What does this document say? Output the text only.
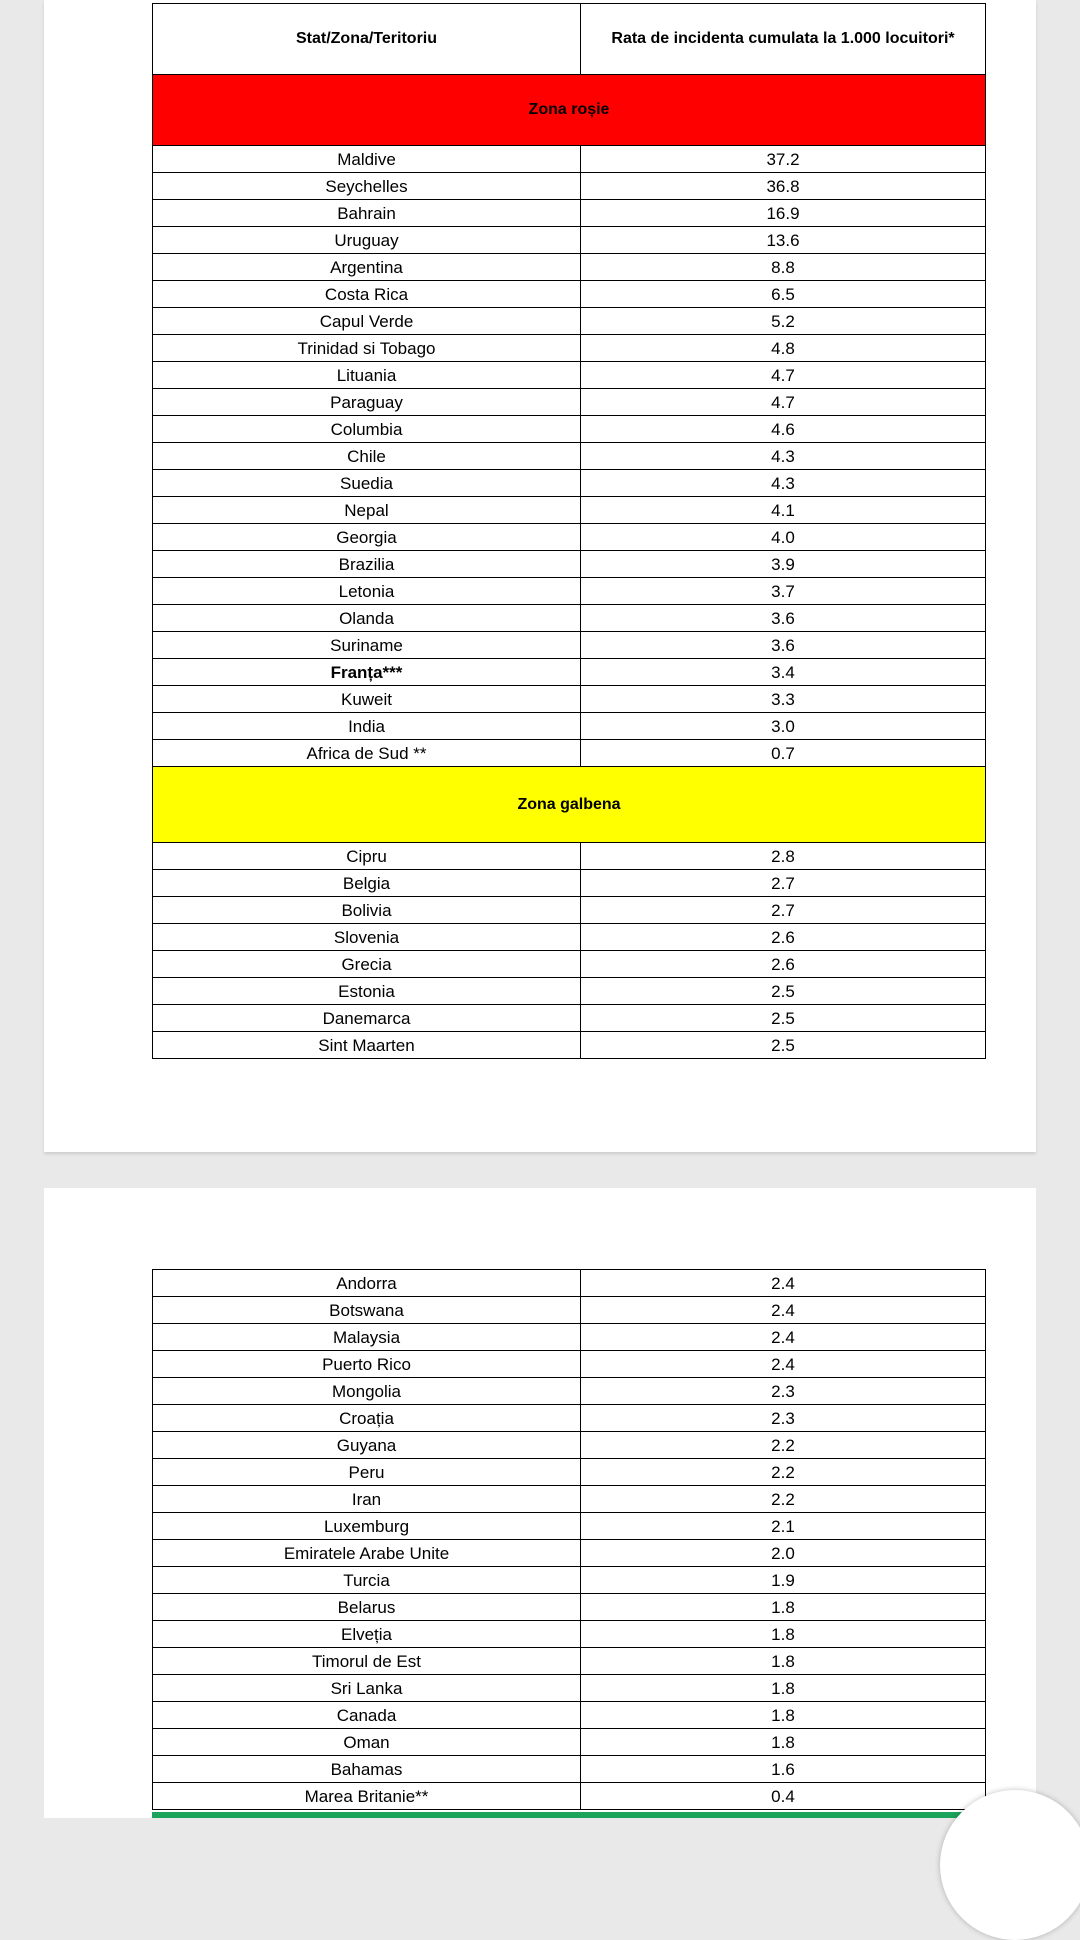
Stat/Zona/Teritoriu	Rata de incidenta cumulata la 1.000 locuitori*
Zona roșie	
Maldive	37.2
Seychelles	36.8
Bahrain	16.9
Uruguay	13.6
Argentina	8.8
Costa Rica	6.5
Capul Verde	5.2
Trinidad si Tobago	4.8
Lituania	4.7
Paraguay	4.7
Columbia	4.6
Chile	4.3
Suedia	4.3
Nepal	4.1
Georgia	4.0
Brazilia	3.9
Letonia	3.7
Olanda	3.6
Suriname	3.6
Franța***	3.4
Kuweit	3.3
India	3.0
Africa de Sud **	0.7
Zona galbena	
Cipru	2.8
Belgia	2.7
Bolivia	2.7
Slovenia	2.6
Grecia	2.6
Estonia	2.5
Danemarca	2.5
Sint Maarten	2.5
Andorra	2.4
Botswana	2.4
Malaysia	2.4
Puerto Rico	2.4
Mongolia	2.3
Croația	2.3
Guyana	2.2
Peru	2.2
Iran	2.2
Luxemburg	2.1
Emiratele Arabe Unite	2.0
Turcia	1.9
Belarus	1.8
Elveția	1.8
Timorul de Est	1.8
Sri Lanka	1.8
Canada	1.8
Oman	1.8
Bahamas	1.6
Marea Britanie**	0.4
